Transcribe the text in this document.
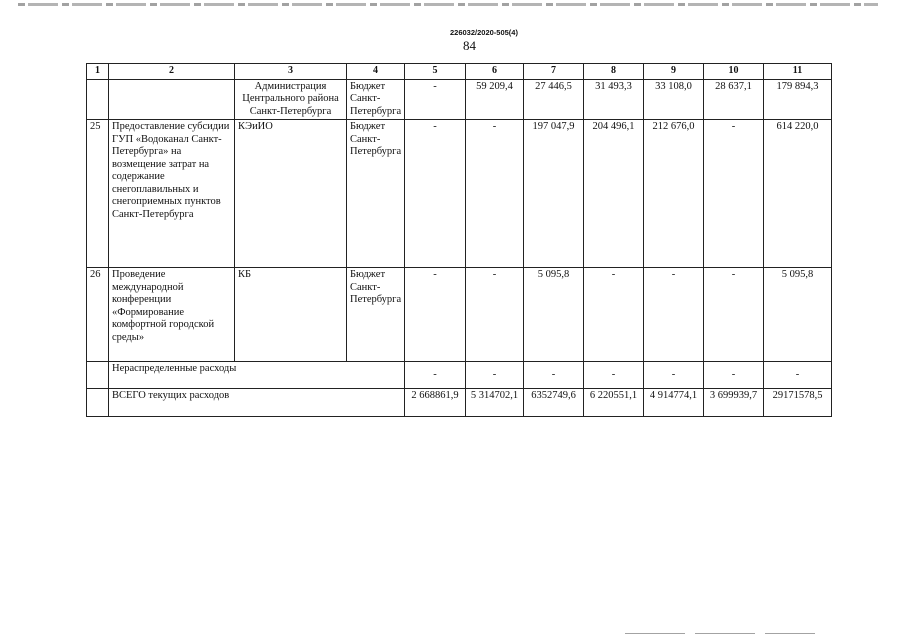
226032/2020-505(4)
84
1	2	3	4	5	6	7	8	9	10	11
		Администрация Центрального района Санкт-Петербурга	Бюджет Санкт-Петербурга	-	59 209,4	27 446,5	31 493,3	33 108,0	28 637,1	179 894,3
25	Предоставление субсидии ГУП «Водоканал Санкт-Петербурга» на возмещение затрат на содержание снегоплавильных и снегоприемных пунктов Санкт-Петербурга	КЭиИО	Бюджет Санкт-Петербурга	-	-	197 047,9	204 496,1	212 676,0	-	614 220,0
26	Проведение международной конференции «Формирование комфортной городской среды»	КБ	Бюджет Санкт-Петербурга	-	-	5 095,8	-	-	-	5 095,8
	Нераспределенные расходы			-	-	-	-	-	-	-
	ВСЕГО текущих расходов			2 668861,9	5 314702,1	6352749,6	6 220551,1	4 914774,1	3 699939,7	29171578,5
